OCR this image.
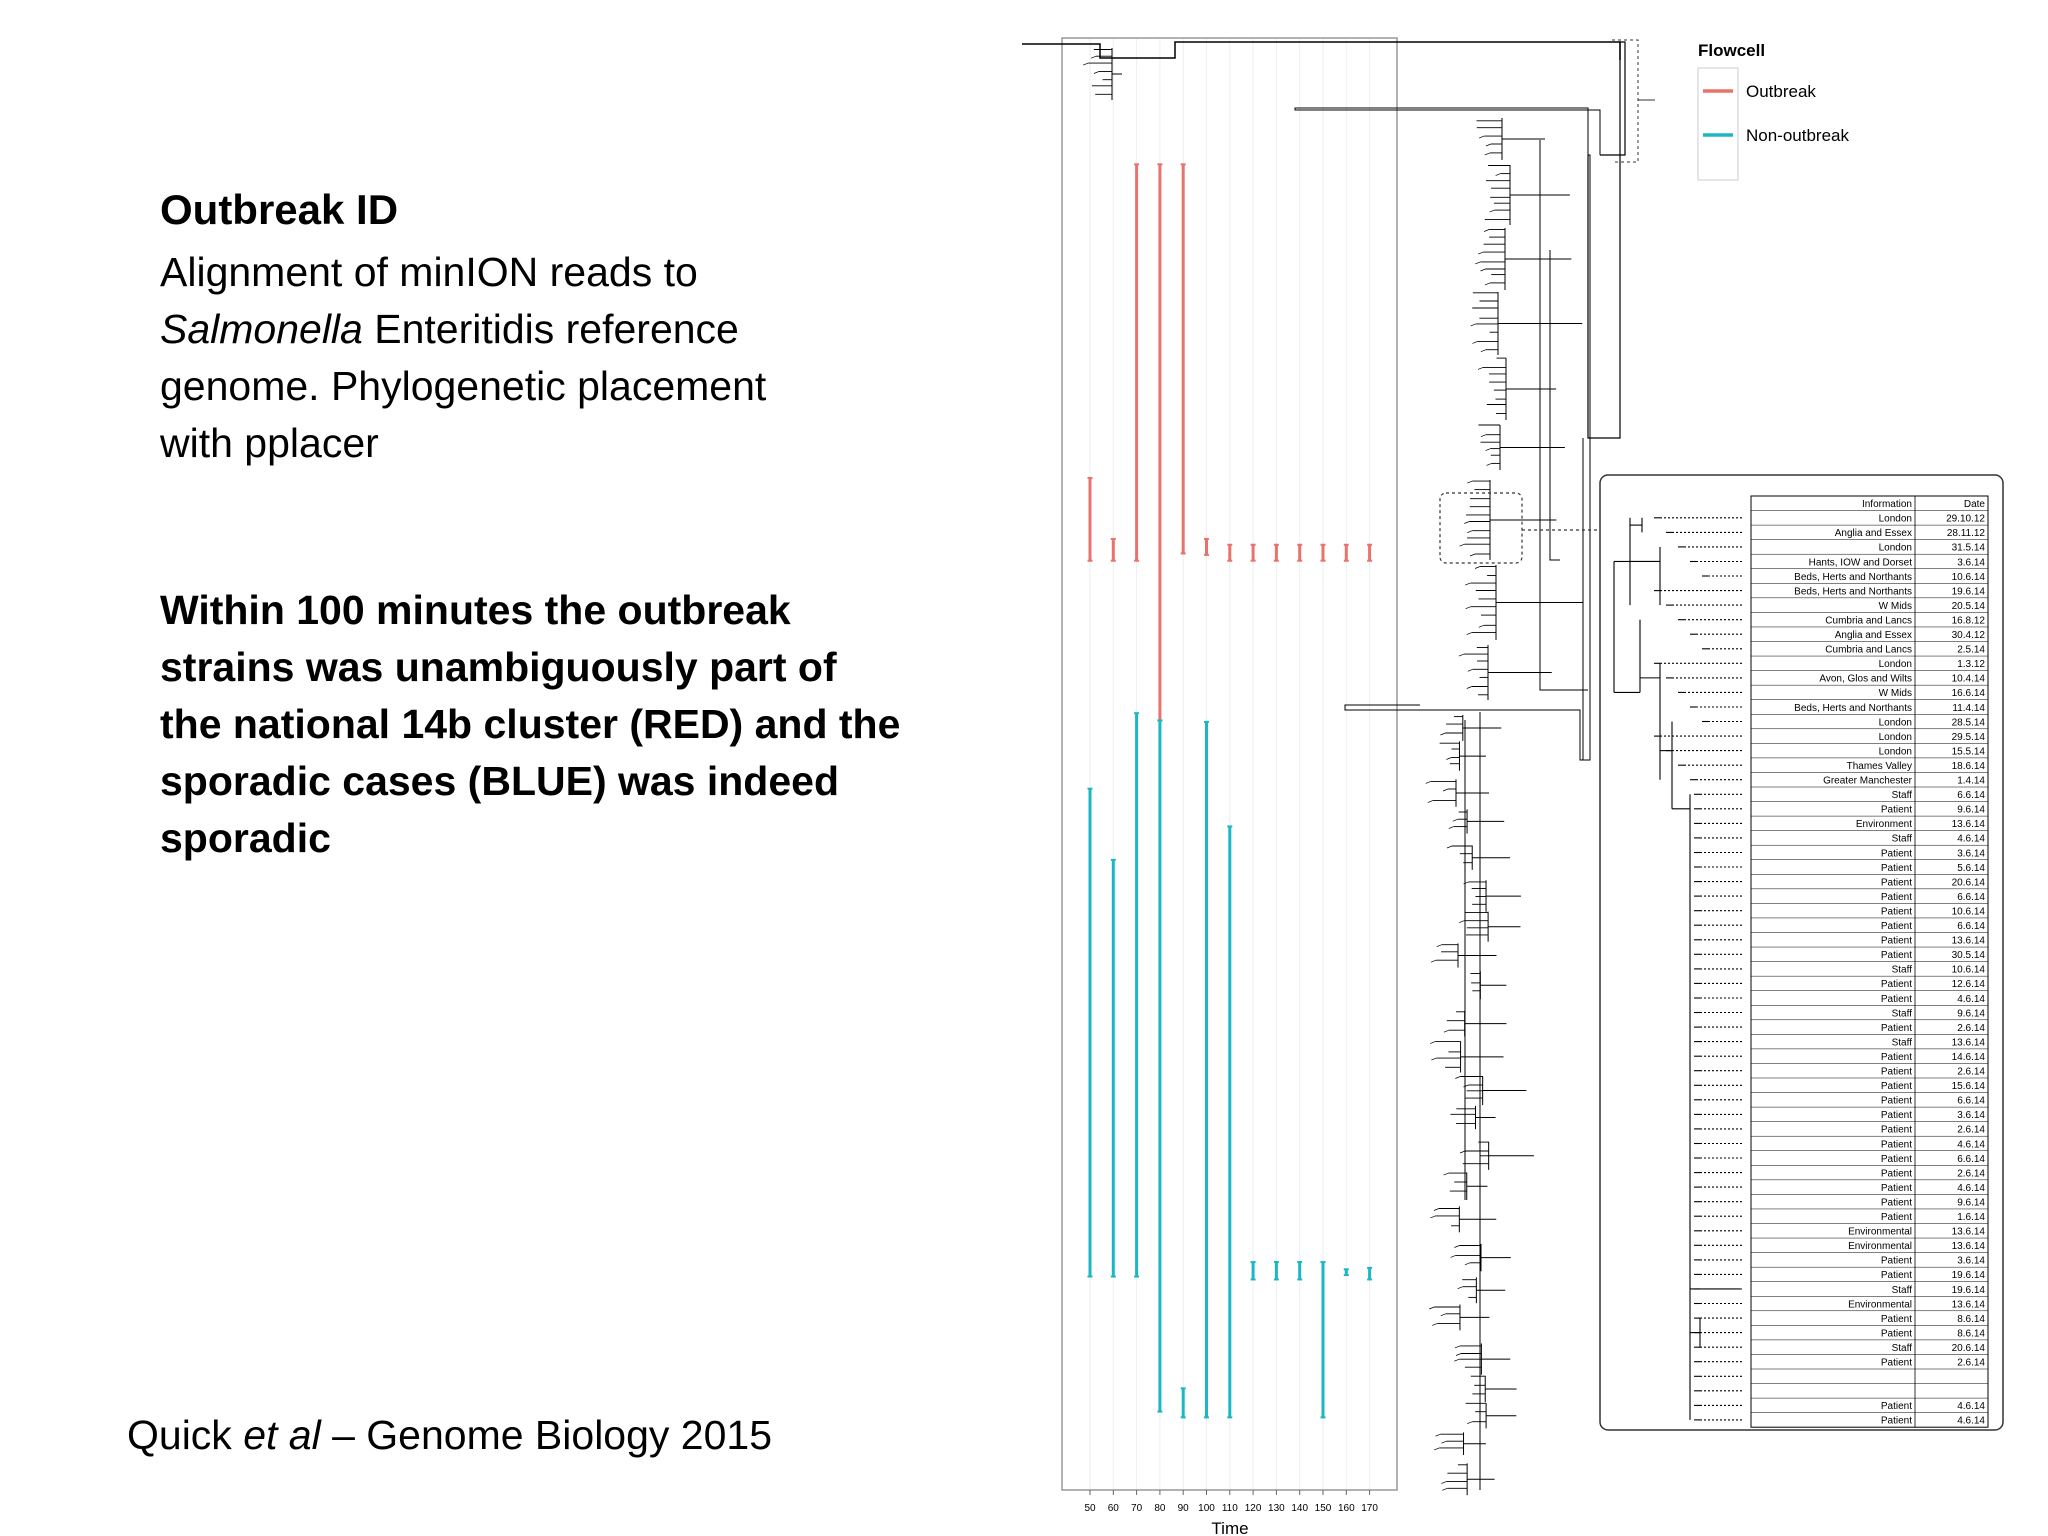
Outbreak ID
Alignment of minION reads to
Salmonella Enteritidis reference
genome. Phylogenetic placement
with pplacer
Within 100 minutes the outbreak
strains was unambiguously part of
the national 14b cluster (RED) and the
sporadic cases (BLUE) was indeed
sporadic
Quick et al – Genome Biology 2015
50 60 70 80 90 100 110 120 130 140 150 160 170
Time
Flowcell
Outbreak
Non-outbreak
Information	Date
London	29.10.12
Anglia and Essex	28.11.12
London	31.5.14
Hants, IOW and Dorset	3.6.14
Beds, Herts and Northants	10.6.14
Beds, Herts and Northants	19.6.14
W Mids	20.5.14
Cumbria and Lancs	16.8.12
Anglia and Essex	30.4.12
Cumbria and Lancs	2.5.14
London	1.3.12
Avon, Glos and Wilts	10.4.14
W Mids	16.6.14
Beds, Herts and Northants	11.4.14
London	28.5.14
London	29.5.14
London	15.5.14
Thames Valley	18.6.14
Greater Manchester	1.4.14
Staff	6.6.14
Patient	9.6.14
Environment	13.6.14
Staff	4.6.14
Patient	3.6.14
Patient	5.6.14
Patient	20.6.14
Patient	6.6.14
Patient	10.6.14
Patient	6.6.14
Patient	13.6.14
Patient	30.5.14
Staff	10.6.14
Patient	12.6.14
Patient	4.6.14
Staff	9.6.14
Patient	2.6.14
Staff	13.6.14
Patient	14.6.14
Patient	2.6.14
Patient	15.6.14
Patient	6.6.14
Patient	3.6.14
Patient	2.6.14
Patient	4.6.14
Patient	6.6.14
Patient	2.6.14
Patient	4.6.14
Patient	9.6.14
Patient	1.6.14
Environmental	13.6.14
Environmental	13.6.14
Patient	3.6.14
Patient	19.6.14
Staff	19.6.14
Environmental	13.6.14
Patient	8.6.14
Patient	8.6.14
Staff	20.6.14
Patient	2.6.14
Patient	4.6.14
Patient	4.6.14
